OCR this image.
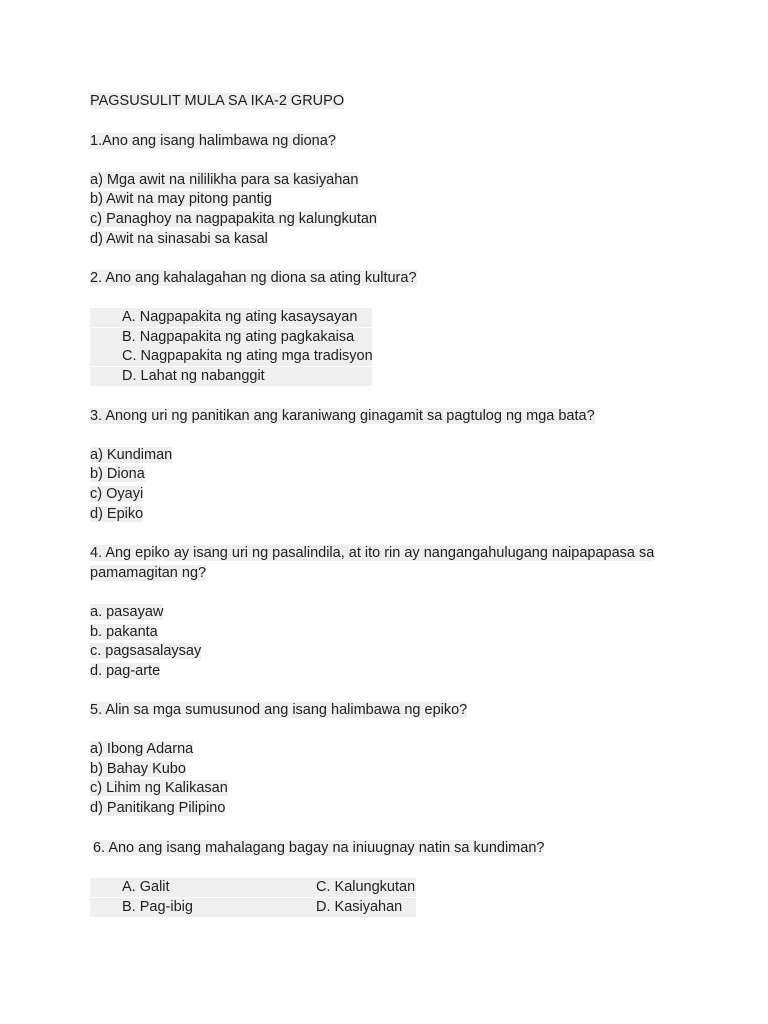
PAGSUSULIT MULA SA IKA-2 GRUPO
1.Ano ang isang halimbawa ng diona?
a) Mga awit na nililikha para sa kasiyahan
b) Awit na may pitong pantig
c) Panaghoy na nagpapakita ng kalungkutan
d) Awit na sinasabi sa kasal
2. Ano ang kahalagahan ng diona sa ating kultura?
A. Nagpapakita ng ating kasaysayan
B. Nagpapakita ng ating pagkakaisa
C. Nagpapakita ng ating mga tradisyon
D. Lahat ng nabanggit
3. Anong uri ng panitikan ang karaniwang ginagamit sa pagtulog ng mga bata?
a) Kundiman
b) Diona
c) Oyayi
d) Epiko
4. Ang epiko ay isang uri ng pasalindila, at ito rin ay nangangahulugang naipapapasa sa
pamamagitan ng?
a. pasayaw
b. pakanta
c. pagsasalaysay
d. pag-arte
5. Alin sa mga sumusunod ang isang halimbawa ng epiko?
a) Ibong Adarna
b) Bahay Kubo
c) Lihim ng Kalikasan
d) Panitikang Pilipino
6. Ano ang isang mahalagang bagay na iniuugnay natin sa kundiman?
A. Galit	C. Kalungkutan
B. Pag-ibig	D. Kasiyahan
